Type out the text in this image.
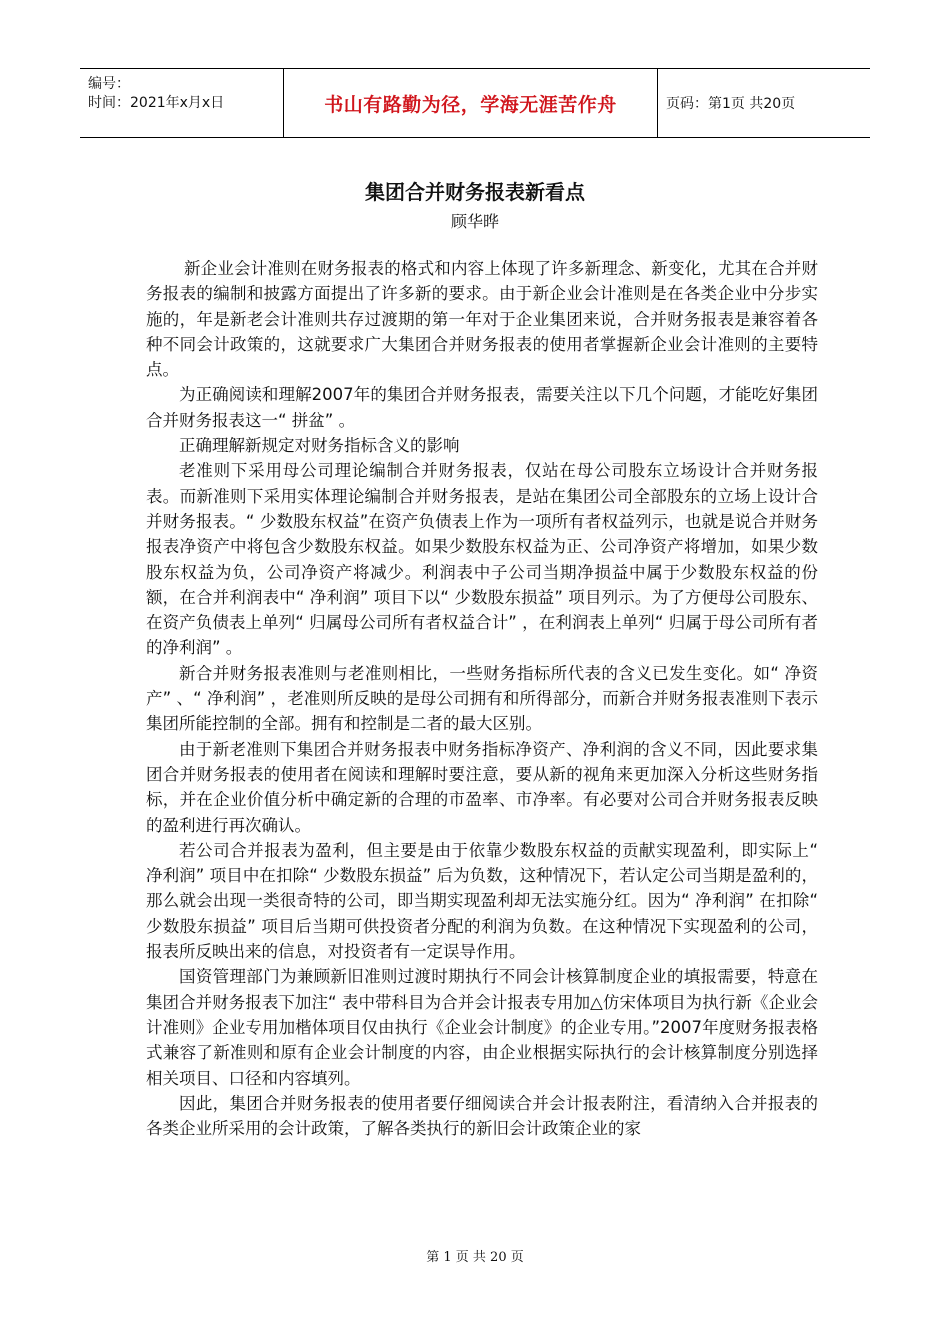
编号：
时间：2021年x月x日	书山有路勤为径，学海无涯苦作舟	页码：第1页 共20页
集团合并财务报表新看点
顾华晔

新企业会计准则在财务报表的格式和内容上体现了许多新理念、新变化，尤其在合并财务报表的编制和披露方面提出了许多新的要求。由于新企业会计准则是在各类企业中分步实施的，年是新老会计准则共存过渡期的第一年对于企业集团来说，合并财务报表是兼容着各种不同会计政策的，这就要求广大集团合并财务报表的使用者掌握新企业会计准则的主要特点。

为正确阅读和理解2007年的集团合并财务报表，需要关注以下几个问题，才能吃好集团合并财务报表这一“ 拼盆” 。

正确理解新规定对财务指标含义的影响

老准则下采用母公司理论编制合并财务报表，仅站在母公司股东立场设计合并财务报表。而新准则下采用实体理论编制合并财务报表，是站在集团公司全部股东的立场上设计合并财务报表。“ 少数股东权益”在资产负债表上作为一项所有者权益列示，也就是说合并财务报表净资产中将包含少数股东权益。如果少数股东权益为正、公司净资产将增加，如果少数股东权益为负，公司净资产将减少。利润表中子公司当期净损益中属于少数股东权益的份额，在合并利润表中“ 净利润” 项目下以“ 少数股东损益” 项目列示。为了方便母公司股东、在资产负债表上单列“ 归属母公司所有者权益合计” ，在利润表上单列“ 归属于母公司所有者的净利润” 。

新合并财务报表准则与老准则相比，一些财务指标所代表的含义已发生变化。如“ 净资产” 、“ 净利润” ，老准则所反映的是母公司拥有和所得部分，而新合并财务报表准则下表示集团所能控制的全部。拥有和控制是二者的最大区别。

由于新老准则下集团合并财务报表中财务指标净资产、净利润的含义不同，因此要求集团合并财务报表的使用者在阅读和理解时要注意，要从新的视角来更加深入分析这些财务指标，并在企业价值分析中确定新的合理的市盈率、市净率。有必要对公司合并财务报表反映的盈利进行再次确认。

若公司合并报表为盈利，但主要是由于依靠少数股东权益的贡献实现盈利，即实际上“ 净利润” 项目中在扣除“ 少数股东损益” 后为负数，这种情况下，若认定公司当期是盈利的，那么就会出现一类很奇特的公司，即当期实现盈利却无法实施分红。因为“ 净利润” 在扣除“ 少数股东损益” 项目后当期可供投资者分配的利润为负数。在这种情况下实现盈利的公司，报表所反映出来的信息，对投资者有一定误导作用。

国资管理部门为兼顾新旧准则过渡时期执行不同会计核算制度企业的填报需要，特意在集团合并财务报表下加注“ 表中带科目为合并会计报表专用加△仿宋体项目为执行新《企业会计准则》企业专用加楷体项目仅由执行《企业会计制度》的企业专用。”2007年度财务报表格式兼容了新准则和原有企业会计制度的内容，由企业根据实际执行的会计核算制度分别选择相关项目、口径和内容填列。

因此，集团合并财务报表的使用者要仔细阅读合并会计报表附注，看清纳入合并报表的各类企业所采用的会计政策，了解各类执行的新旧会计政策企业的家

第 1 页 共 20 页
